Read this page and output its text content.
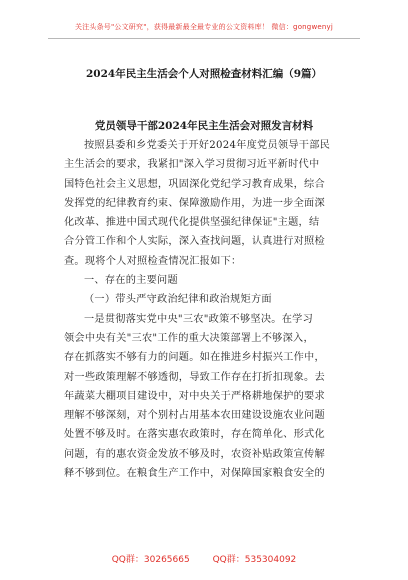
关注头条号"公文研究"，获得最新最全最专业的公文资料库！ 微信：gongwenyj
2024年民主生活会个人对照检查材料汇编（9篇）
党员领导干部2024年民主生活会对照发言材料
按照县委和乡党委关于开好2024年度党员领导干部民
主生活会的要求，我紧扣"深入学习贯彻习近平新时代中
国特色社会主义思想，巩固深化党纪学习教育成果，综合
发挥党的纪律教育约束、保障激励作用，为进一步全面深
化改革、推进中国式现代化提供坚强纪律保证"主题，结
合分管工作和个人实际，深入查找问题，认真进行对照检
查。现将个人对照检查情况汇报如下：
一、存在的主要问题
（一）带头严守政治纪律和政治规矩方面
一是贯彻落实党中央"三农"政策不够坚决。在学习
领会中央有关"三农"工作的重大决策部署上不够深入，
存在抓落实不够有力的问题。如在推进乡村振兴工作中，
对一些政策理解不够透彻，导致工作存在打折扣现象。去
年蔬菜大棚项目建设中，对中央关于严格耕地保护的要求
理解不够深刻，对个别村占用基本农田建设设施农业问题
处置不够及时。在落实惠农政策时，存在简单化、形式化
问题，有的惠农资金发放不够及时，农资补贴政策宣传解
释不够到位。在粮食生产工作中，对保障国家粮食安全的
QQ群：30265665	QQ群：535304092
